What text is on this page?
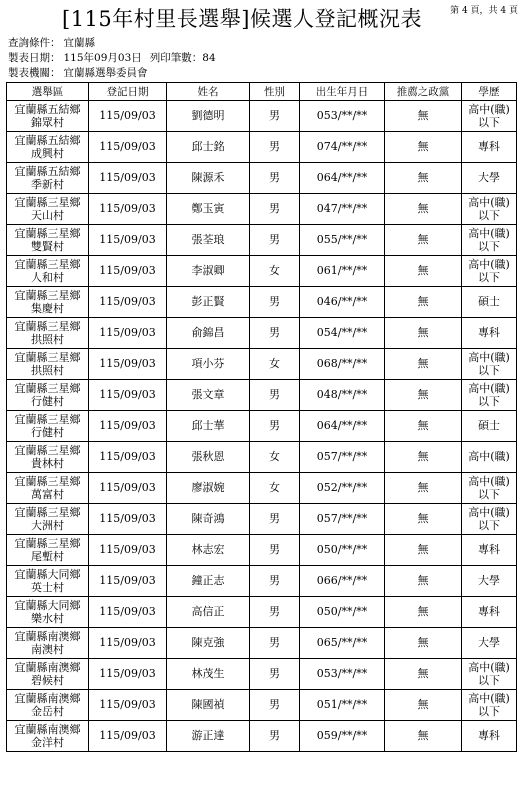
[115年村里長選舉]候選人登記概況表	第 4 頁，共 4 頁
查詢條件： 宜蘭縣
製表日期： 115年09月03日 列印筆數：84
製表機關： 宜蘭縣選舉委員會
選舉區	登記日期	姓名	性別	出生年月日	推薦之政黨	學歷

宜蘭縣五結鄉
錦眾村	115/09/03	劉德明	男	053/**/**	無	高中(職)
以下

宜蘭縣五結鄉
成興村	115/09/03	邱士銘	男	074/**/**	無	專科

宜蘭縣五結鄉
季新村	115/09/03	陳源禾	男	064/**/**	無	大學

宜蘭縣三星鄉
天山村	115/09/03	鄭玉寅	男	047/**/**	無	高中(職)
以下

宜蘭縣三星鄉
雙賢村	115/09/03	張荃琅	男	055/**/**	無	高中(職)
以下

宜蘭縣三星鄉
人和村	115/09/03	李淑卿	女	061/**/**	無	高中(職)
以下

宜蘭縣三星鄉
集慶村	115/09/03	彭正賢	男	046/**/**	無	碩士

宜蘭縣三星鄉
拱照村	115/09/03	俞錦昌	男	054/**/**	無	專科

宜蘭縣三星鄉
拱照村	115/09/03	項小芬	女	068/**/**	無	高中(職)
以下

宜蘭縣三星鄉
行健村	115/09/03	張文章	男	048/**/**	無	高中(職)
以下

宜蘭縣三星鄉
行健村	115/09/03	邱士華	男	064/**/**	無	碩士

宜蘭縣三星鄉
貴林村	115/09/03	張秋恩	女	057/**/**	無	高中(職)

宜蘭縣三星鄉
萬富村	115/09/03	廖淑婉	女	052/**/**	無	高中(職)
以下

宜蘭縣三星鄉
大洲村	115/09/03	陳奇鴻	男	057/**/**	無	高中(職)
以下

宜蘭縣三星鄉
尾塹村	115/09/03	林志宏	男	050/**/**	無	專科

宜蘭縣大同鄉
英士村	115/09/03	鐘正志	男	066/**/**	無	大學

宜蘭縣大同鄉
樂水村	115/09/03	高信正	男	050/**/**	無	專科

宜蘭縣南澳鄉
南澳村	115/09/03	陳克強	男	065/**/**	無	大學

宜蘭縣南澳鄉
碧候村	115/09/03	林茂生	男	053/**/**	無	高中(職)
以下

宜蘭縣南澳鄉
金岳村	115/09/03	陳國禎	男	051/**/**	無	高中(職)
以下

宜蘭縣南澳鄉
金洋村	115/09/03	游正達	男	059/**/**	無	專科
